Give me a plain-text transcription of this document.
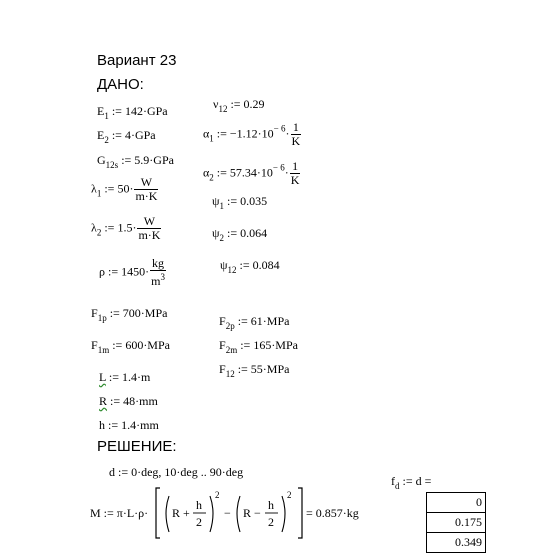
Вариант 23
ДАНО:
РЕШЕНИЕ:
$E_1$ := 142·GPa
$E_2$ := 4·GPa
$G_{12s}$ := 5.9·GPa
$\lambda_1$ := $50\cdot \frac{W}{m\cdot K}$
$\lambda_2$ := $1.5\cdot \frac{W}{m\cdot K}$
ρ := $1450\cdot \frac{kg}{m^3}$
$F_{1p}$ := 700·MPa
$F_{1m}$ := 600·MPa
L := 1.4·m
R := 48·mm
h := 1.4·mm
$\nu_{12}$ := 0.29
$\alpha_1$ := $-1.12\cdot 10^{- 6}\cdot \frac{1}{K}$
$\alpha_2$ := $57.34\cdot 10^{- 6}\cdot \frac{1}{K}$
$\psi_1$ := 0.035
$\psi_2$ := 0.064
$\psi_{12}$ := 0.084
$F_{2p}$ := 61·MPa
$F_{2m}$ := 165·MPa
$F_{12}$ := 55·MPa
d := 0·deg, 10·deg .. 90·deg
$f_d$ := d =
M := π·L·ρ· R +
h
2
2
− R −
h
2
2
= 0.857·kg
0
0.175
0.349
